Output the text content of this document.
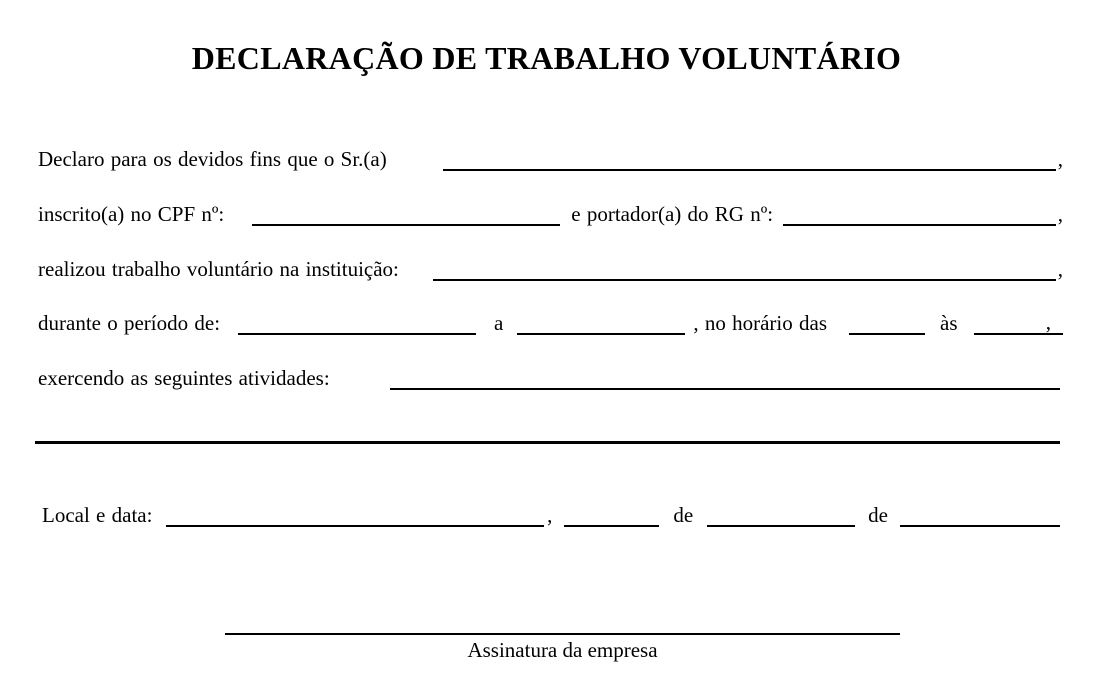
DECLARAÇÃO DE TRABALHO VOLUNTÁRIO
Declaro para os devidos fins que o Sr.(a)	,
inscrito(a) no CPF nº:	e portador(a) do RG nº:	,
realizou trabalho voluntário na instituição:	,
durante o período de:	a	, no horário das	às	,
exercendo as seguintes atividades:
Local e data:	,	de	de
Assinatura da empresa
